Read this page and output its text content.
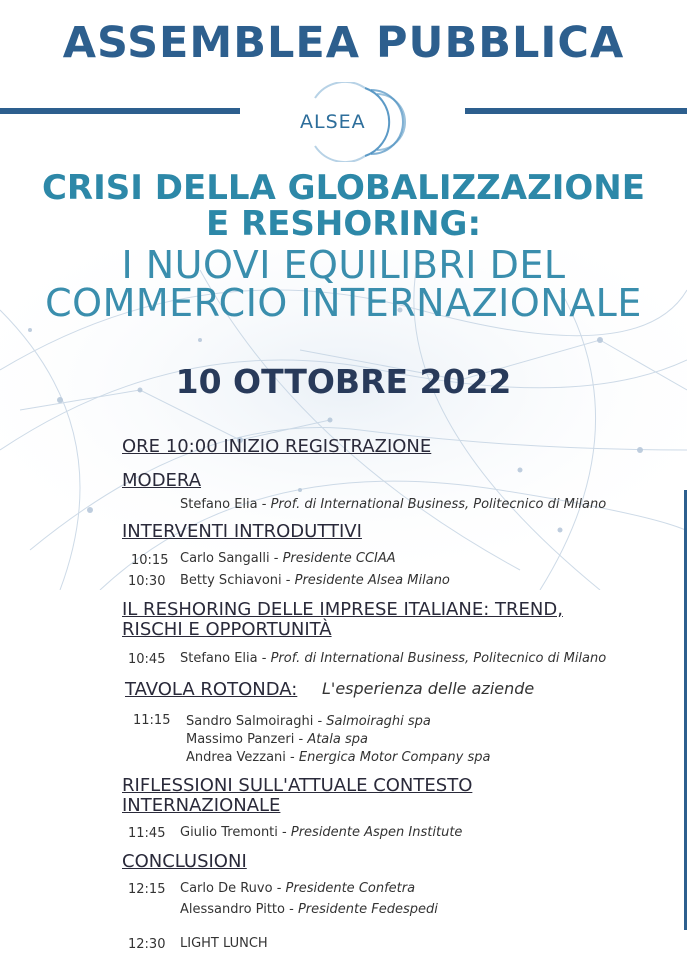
ASSEMBLEA PUBBLICA
ALSEA
CRISI DELLA GLOBALIZZAZIONE
E RESHORING:
I NUOVI EQUILIBRI DEL
COMMERCIO INTERNAZIONALE
10 OTTOBRE 2022
ORE 10:00 INIZIO REGISTRAZIONE
MODERA
Stefano Elia - Prof. di International Business, Politecnico di Milano
INTERVENTI INTRODUTTIVI
10:15 Carlo Sangalli - Presidente CCIAA
10:30 Betty Schiavoni - Presidente Alsea Milano
IL RESHORING DELLE IMPRESE ITALIANE: TREND,
RISCHI E OPPORTUNITÀ
10:45 Stefano Elia - Prof. di International Business, Politecnico di Milano
TAVOLA ROTONDA: L'esperienza delle aziende
11:15 Sandro Salmoiraghi - Salmoiraghi spa
Massimo Panzeri - Atala spa
Andrea Vezzani - Energica Motor Company spa
RIFLESSIONI SULL'ATTUALE CONTESTO
INTERNAZIONALE
11:45 Giulio Tremonti - Presidente Aspen Institute
CONCLUSIONI
12:15 Carlo De Ruvo - Presidente Confetra
Alessandro Pitto - Presidente Fedespedi
12:30 LIGHT LUNCH
